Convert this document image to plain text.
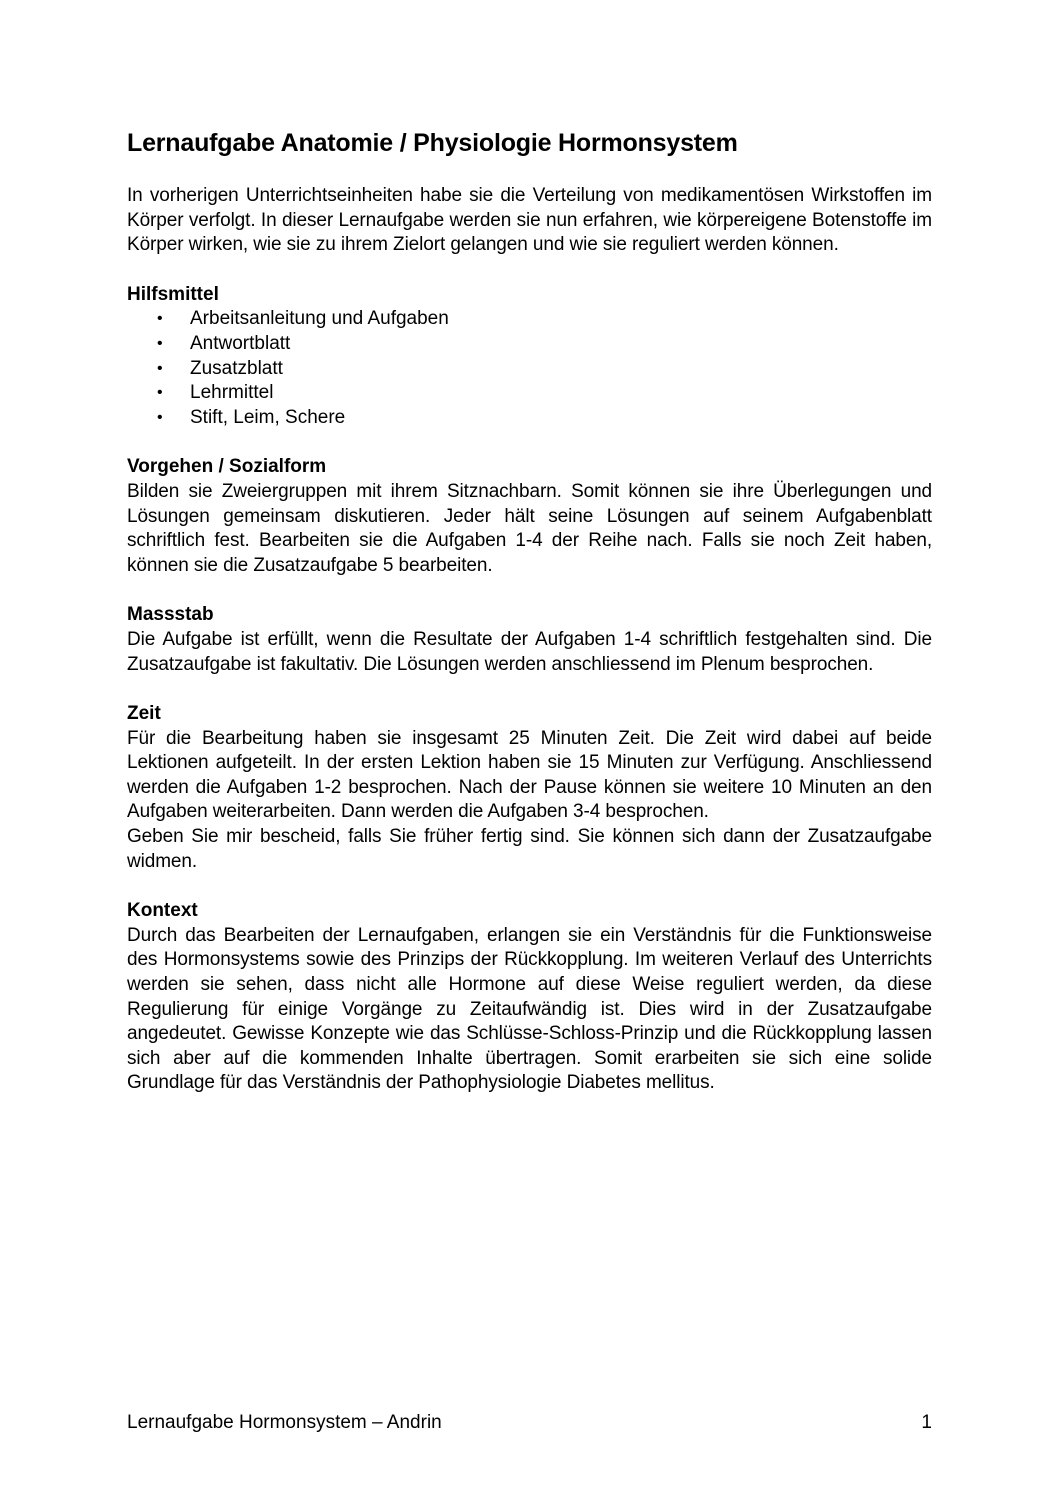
Lernaufgabe Anatomie / Physiologie Hormonsystem

In vorherigen Unterrichtseinheiten habe sie die Verteilung von medikamentösen Wirkstoffen im Körper verfolgt. In dieser Lernaufgabe werden sie nun erfahren, wie körpereigene Botenstoffe im Körper wirken, wie sie zu ihrem Zielort gelangen und wie sie reguliert werden können.

Hilfsmittel
• Arbeitsanleitung und Aufgaben
• Antwortblatt
• Zusatzblatt
• Lehrmittel
• Stift, Leim, Schere
Vorgehen / Sozialform

Bilden sie Zweiergruppen mit ihrem Sitznachbarn. Somit können sie ihre Überlegungen und Lösungen gemeinsam diskutieren. Jeder hält seine Lösungen auf seinem Aufgabenblatt schriftlich fest. Bearbeiten sie die Aufgaben 1-4 der Reihe nach. Falls sie noch Zeit haben, können sie die Zusatzaufgabe 5 bearbeiten.

Massstab

Die Aufgabe ist erfüllt, wenn die Resultate der Aufgaben 1-4 schriftlich festgehalten sind. Die Zusatzaufgabe ist fakultativ. Die Lösungen werden anschliessend im Plenum besprochen.

Zeit

Für die Bearbeitung haben sie insgesamt 25 Minuten Zeit. Die Zeit wird dabei auf beide Lektionen aufgeteilt. In der ersten Lektion haben sie 15 Minuten zur Verfügung. Anschliessend werden die Aufgaben 1-2 besprochen. Nach der Pause können sie weitere 10 Minuten an den Aufgaben weiterarbeiten. Dann werden die Aufgaben 3-4 besprochen.

Geben Sie mir bescheid, falls Sie früher fertig sind. Sie können sich dann der Zusatzaufgabe widmen.

Kontext

Durch das Bearbeiten der Lernaufgaben, erlangen sie ein Verständnis für die Funktionsweise des Hormonsystems sowie des Prinzips der Rückkopplung. Im weiteren Verlauf des Unterrichts werden sie sehen, dass nicht alle Hormone auf diese Weise reguliert werden, da diese Regulierung für einige Vorgänge zu Zeitaufwändig ist. Dies wird in der Zusatzaufgabe angedeutet. Gewisse Konzepte wie das Schlüsse-Schloss-Prinzip und die Rückkopplung lassen sich aber auf die kommenden Inhalte übertragen. Somit erarbeiten sie sich eine solide Grundlage für das Verständnis der Pathophysiologie Diabetes mellitus.

Lernaufgabe Hormonsystem – Andrin	1
